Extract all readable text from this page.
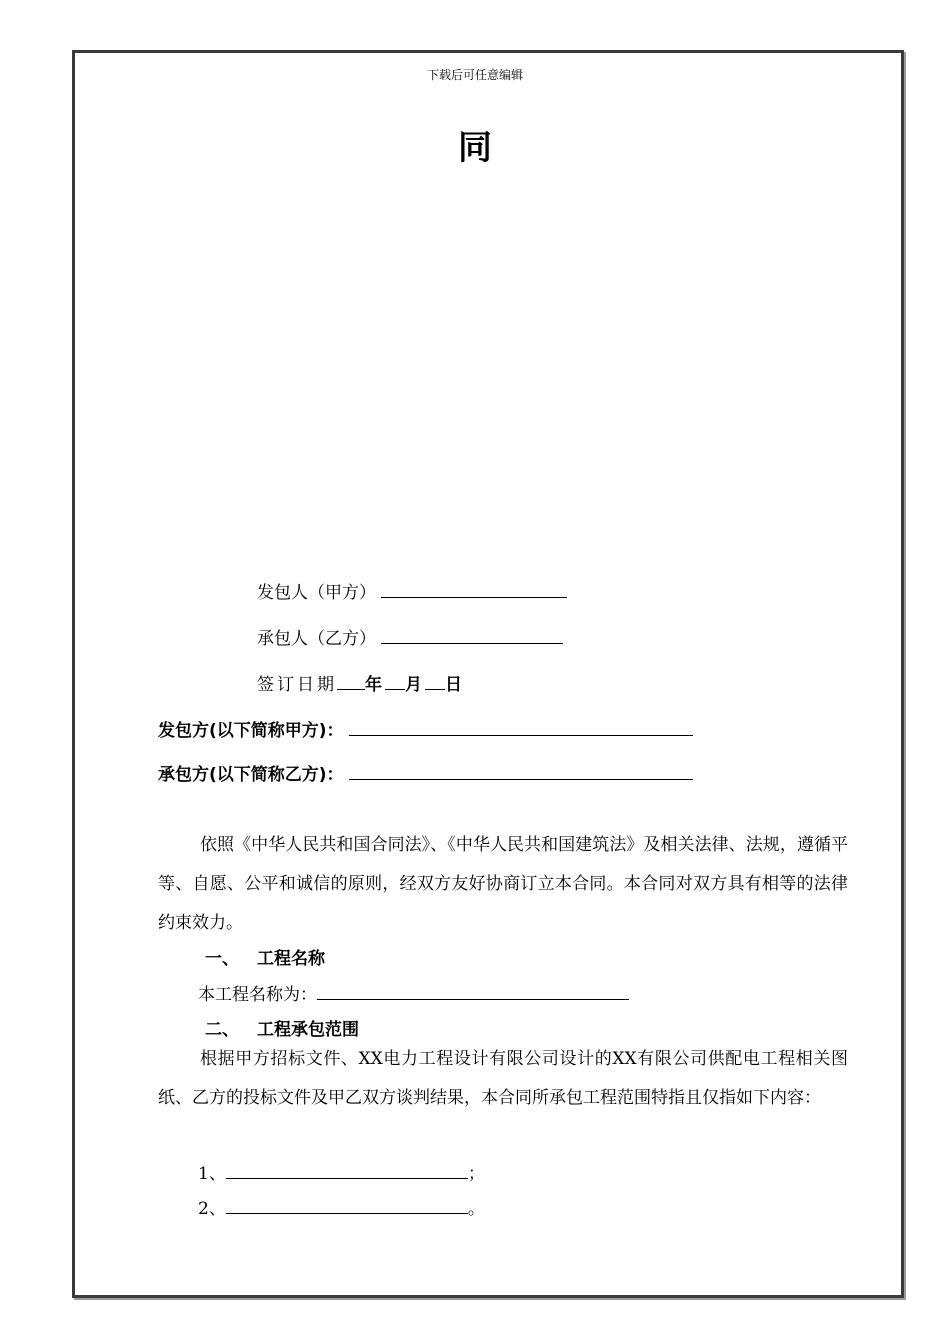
下载后可任意编辑
同
发包人（甲方）
承包人（乙方）
签订日期 年 月 日
发包方(以下简称甲方)：
承包方(以下简称乙方)：
依照《中华人民共和国合同法》、《中华人民共和国建筑法》及相关法律、法规，遵循平等、自愿、公平和诚信的原则，经双方友好协商订立本合同。本合同对双方具有相等的法律约束效力。
一、 工程名称
本工程名称为：
二、 工程承包范围
根据甲方招标文件、XX电力工程设计有限公司设计的XX有限公司供配电工程相关图纸、乙方的投标文件及甲乙双方谈判结果，本合同所承包工程范围特指且仅指如下内容：
1、	；
2、	。
